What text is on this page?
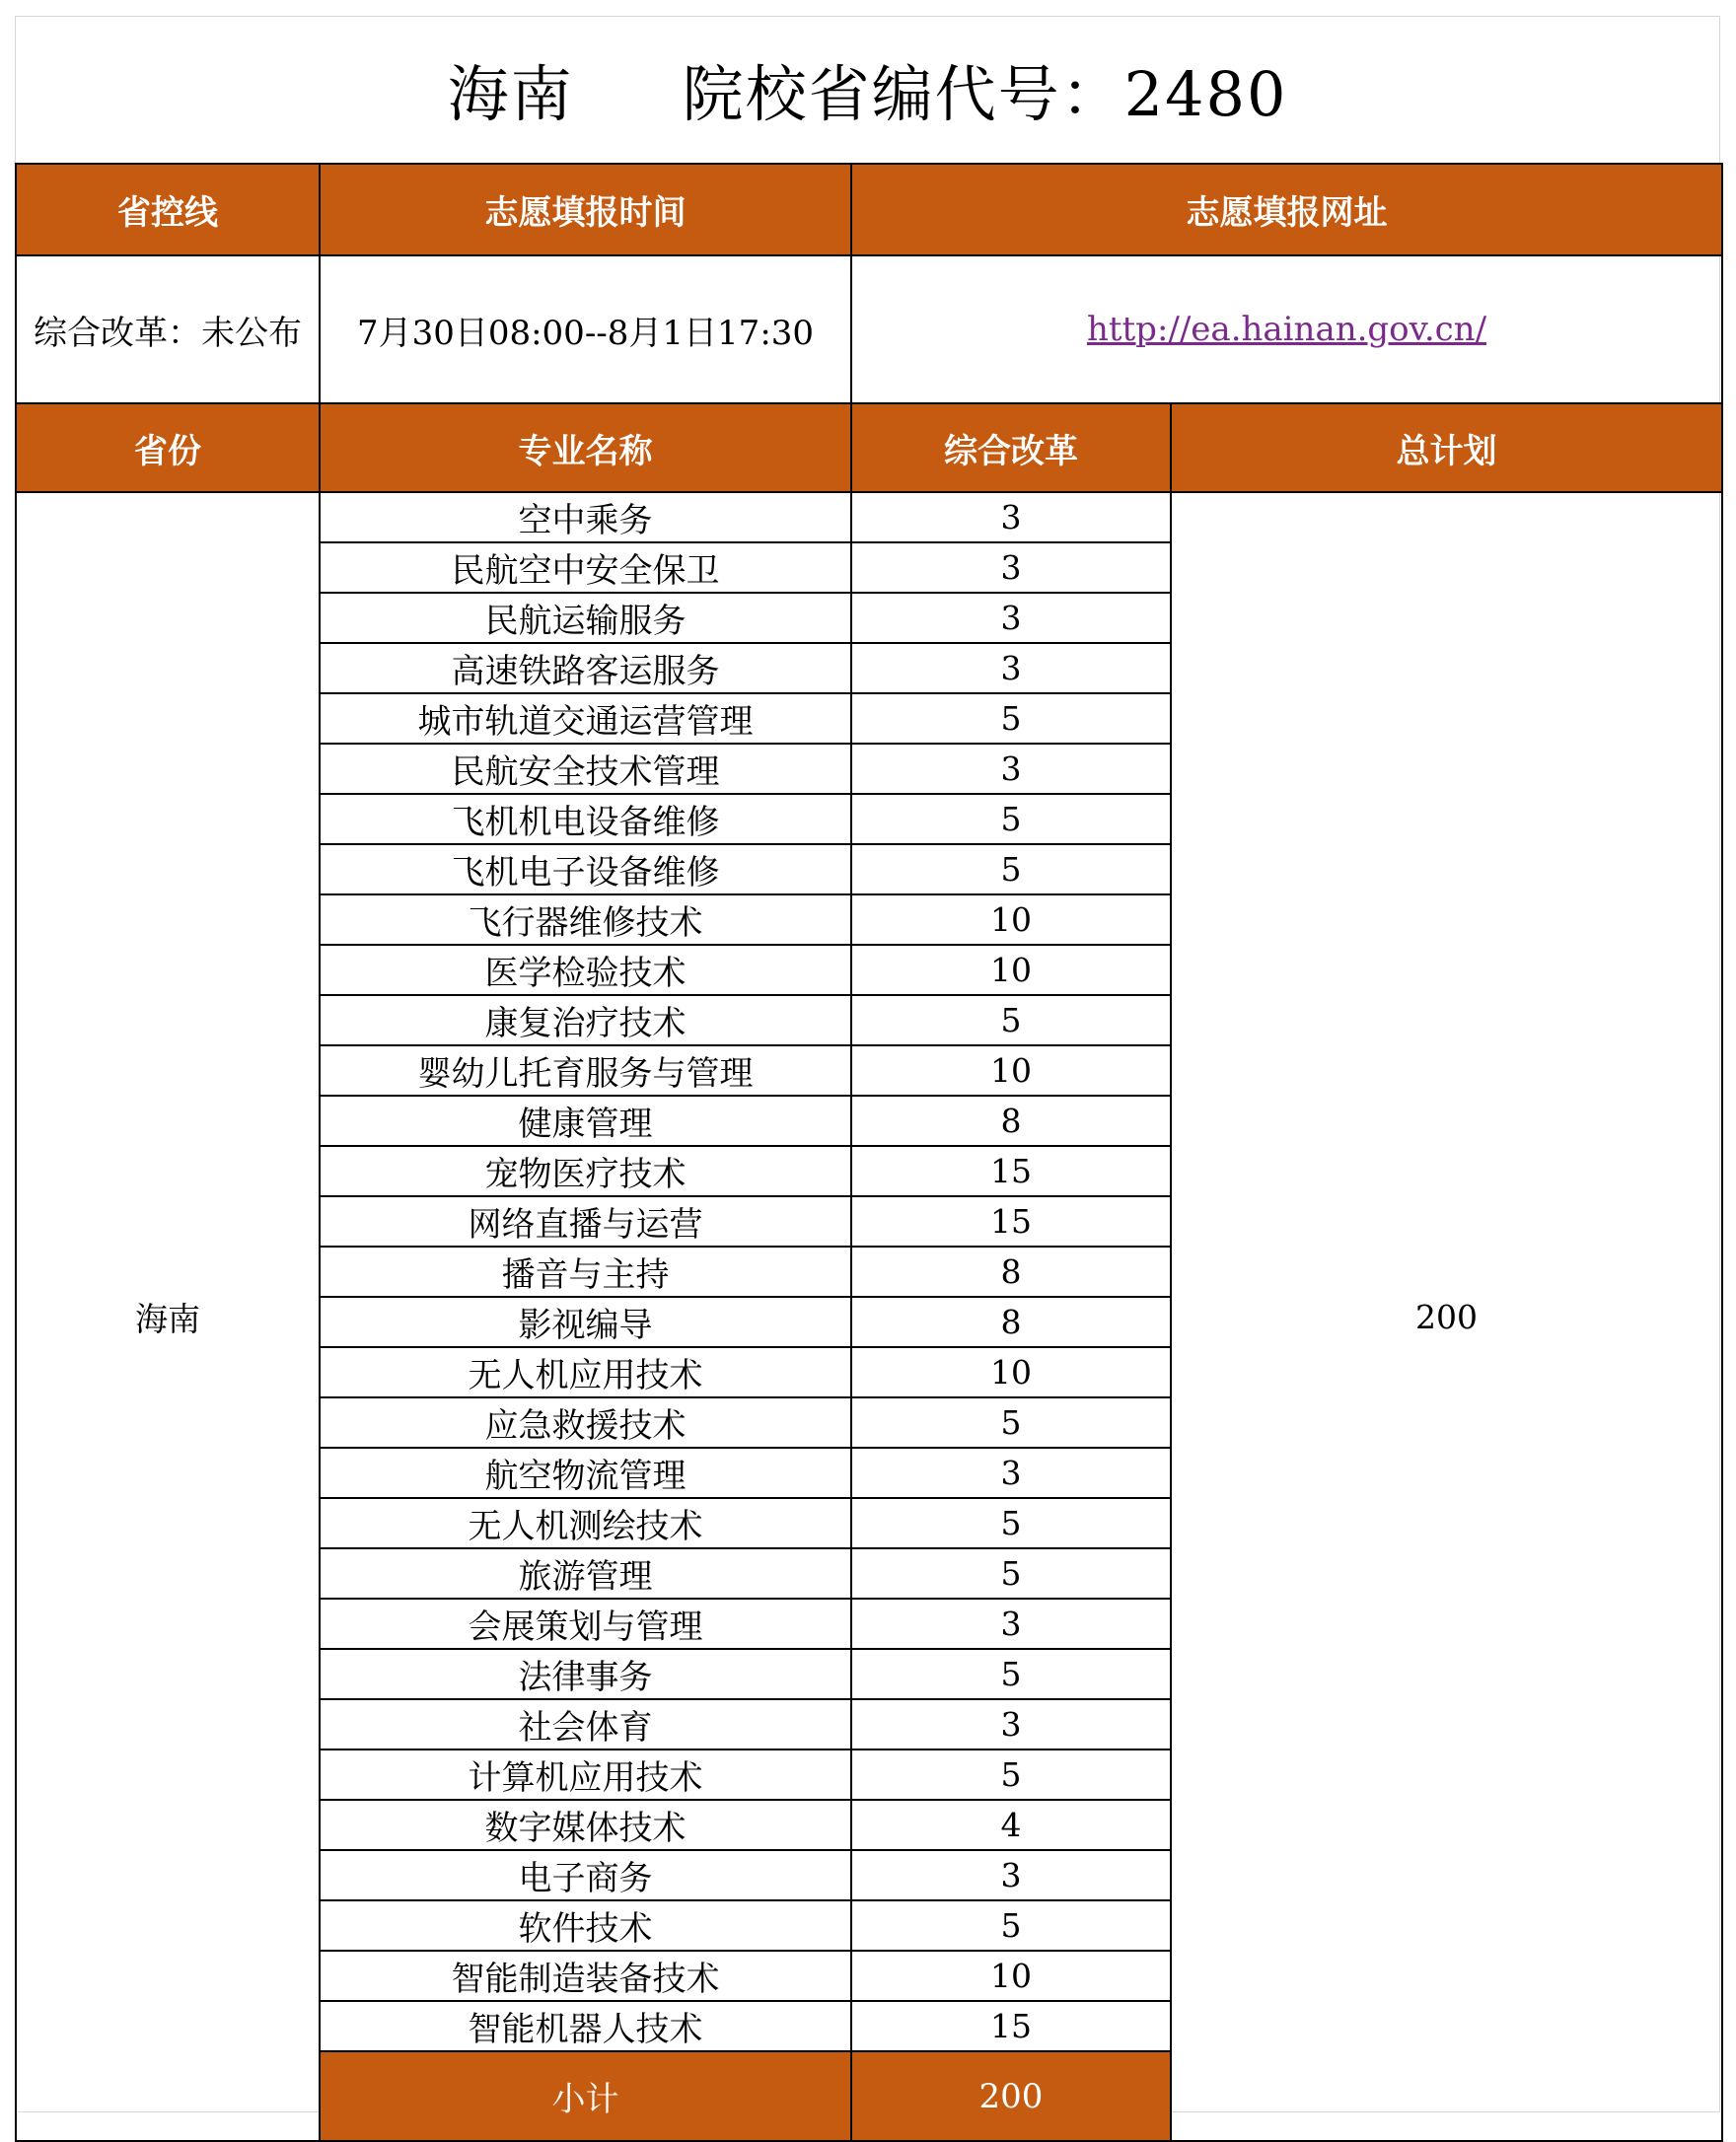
海南 院校省编代号：2480
省控线	志愿填报时间	志愿填报网址	
综合改革：未公布	7月30日08:00--8月1日17:30	http://ea.hainan.gov.cn/	
省份	专业名称	综合改革	总计划
海南	空中乘务	3	200
	民航空中安全保卫	3	
	民航运输服务	3	
	高速铁路客运服务	3	
	城市轨道交通运营管理	5	
	民航安全技术管理	3	
	飞机机电设备维修	5	
	飞机电子设备维修	5	
	飞行器维修技术	10	
	医学检验技术	10	
	康复治疗技术	5	
	婴幼儿托育服务与管理	10	
	健康管理	8	
	宠物医疗技术	15	
	网络直播与运营	15	
	播音与主持	8	
	影视编导	8	
	无人机应用技术	10	
	应急救援技术	5	
	航空物流管理	3	
	无人机测绘技术	5	
	旅游管理	5	
	会展策划与管理	3	
	法律事务	5	
	社会体育	3	
	计算机应用技术	5	
	数字媒体技术	4	
	电子商务	3	
	软件技术	5	
	智能制造装备技术	10	
	智能机器人技术	15	
	小计	200	
